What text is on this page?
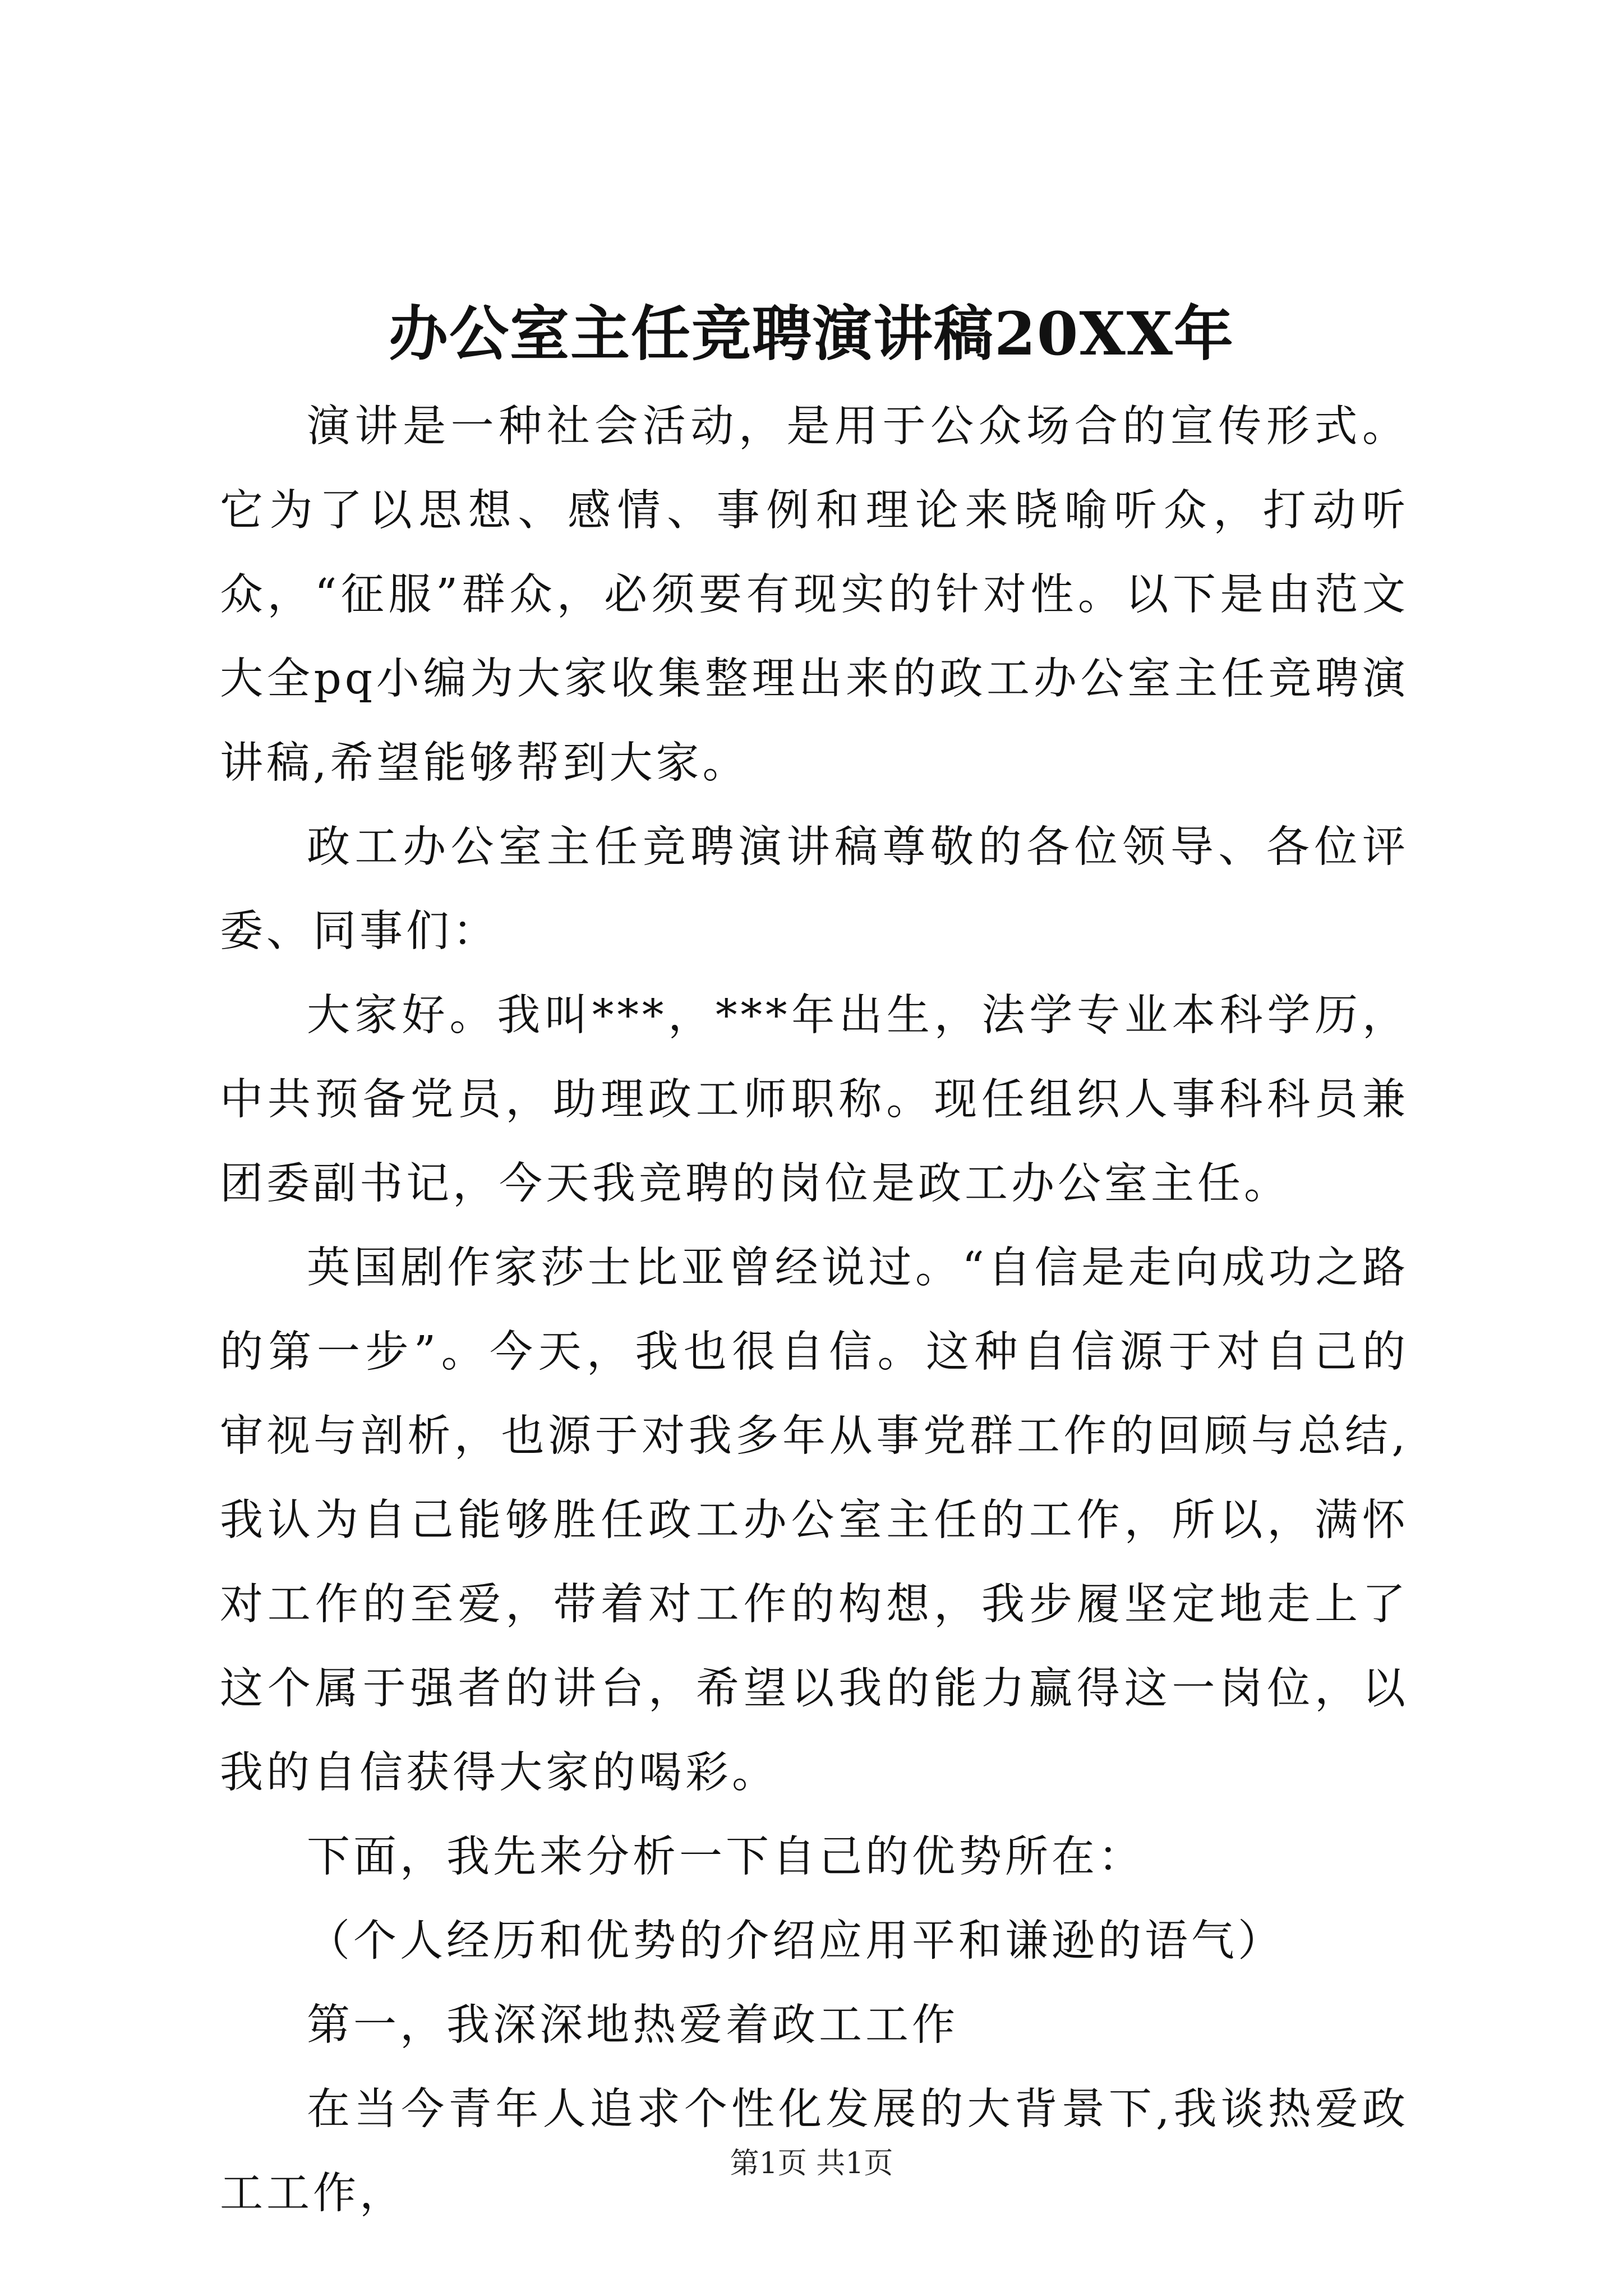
办公室主任竞聘演讲稿20XX年

演讲是一种社会活动，是用于公众场合的宣传形式。它为了以思想、感情、事例和理论来晓喻听众，打动听众，“征服”群众，必须要有现实的针对性。以下是由范文大全pq小编为大家收集整理出来的政工办公室主任竞聘演讲稿,希望能够帮到大家。

政工办公室主任竞聘演讲稿尊敬的各位领导、各位评委、同事们：

大家好。我叫***，***年出生，法学专业本科学历，中共预备党员，助理政工师职称。现任组织人事科科员兼团委副书记，今天我竞聘的岗位是政工办公室主任。

英国剧作家莎士比亚曾经说过。“自信是走向成功之路的第一步”。今天，我也很自信。这种自信源于对自己的审视与剖析，也源于对我多年从事党群工作的回顾与总结,我认为自己能够胜任政工办公室主任的工作，所以，满怀对工作的至爱，带着对工作的构想，我步履坚定地走上了这个属于强者的讲台，希望以我的能力赢得这一岗位，以我的自信获得大家的喝彩。

下面，我先来分析一下自己的优势所在：

（个人经历和优势的介绍应用平和谦逊的语气）

第一，我深深地热爱着政工工作

在当今青年人追求个性化发展的大背景下,我谈热爱政工工作，

第1页 共1页
